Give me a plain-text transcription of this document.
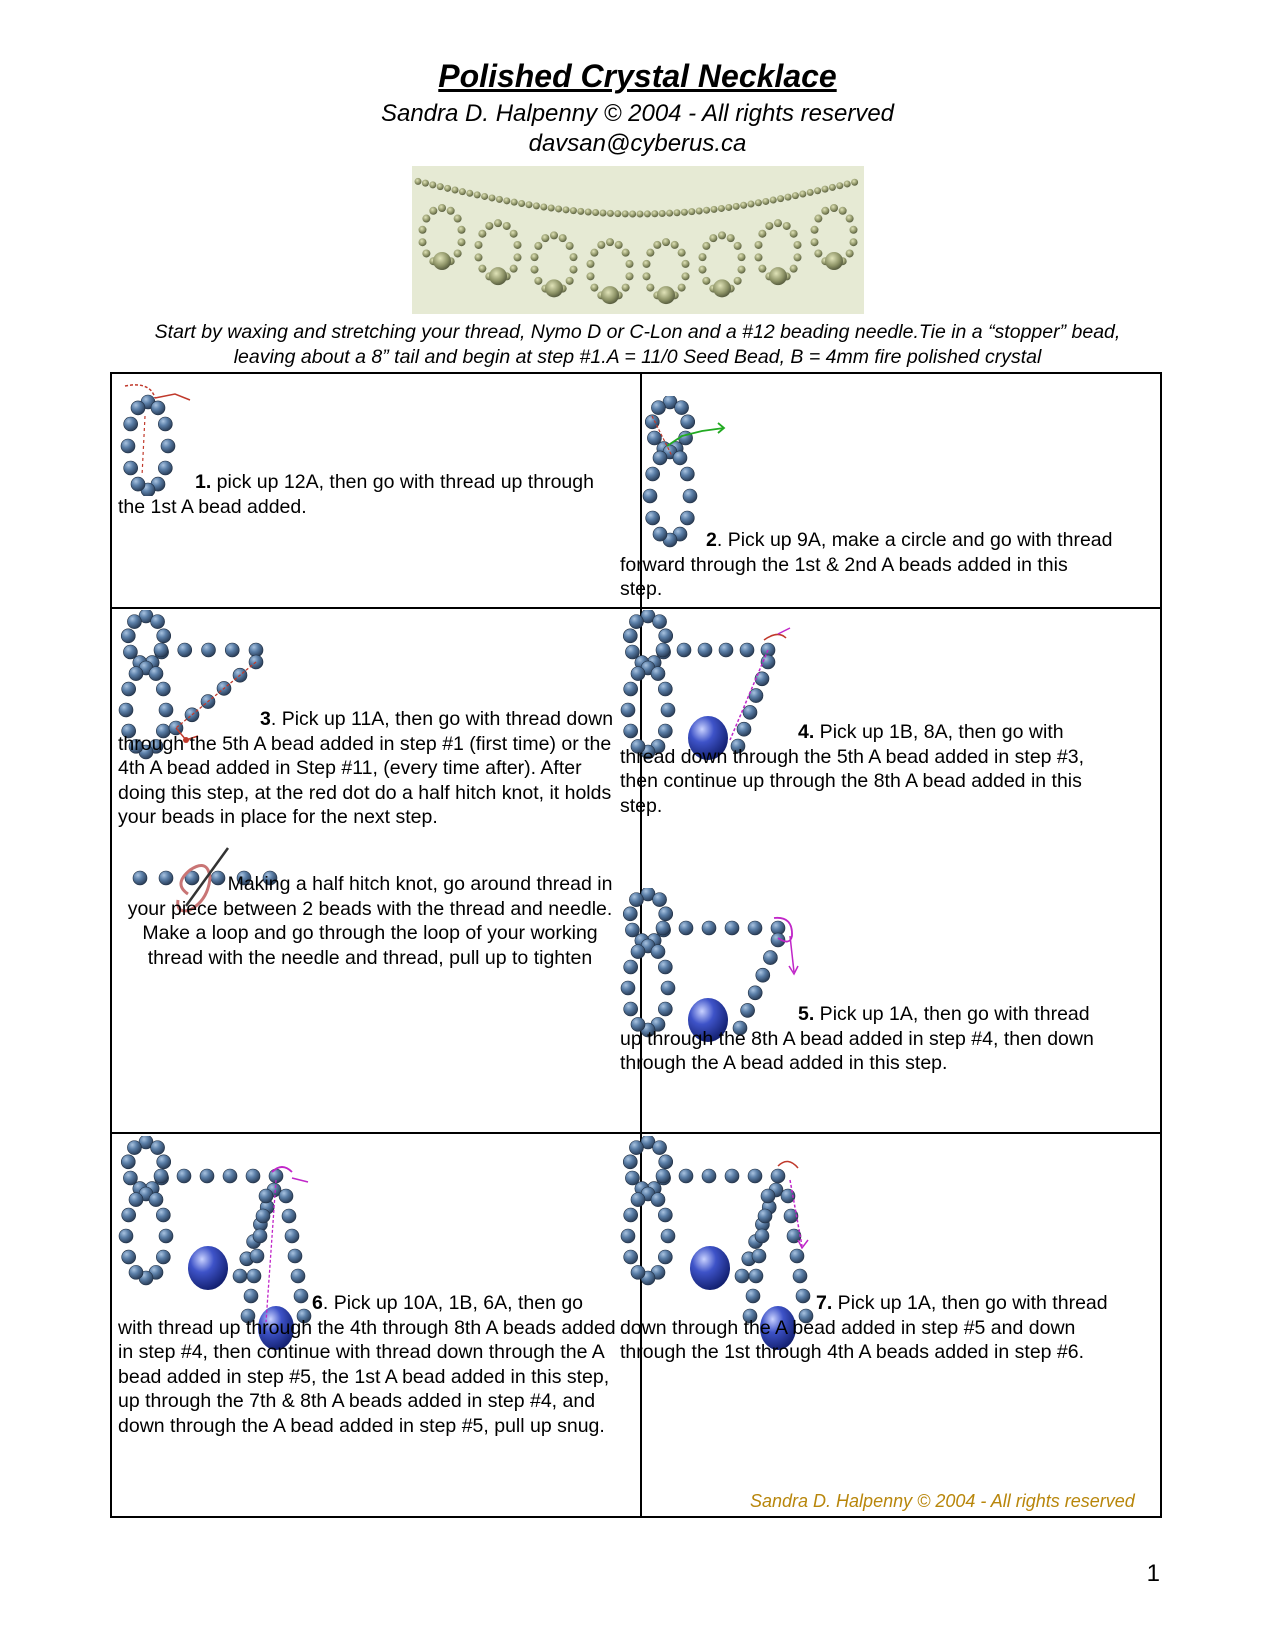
Polished Crystal Necklace
Sandra D. Halpenny © 2004 - All rights reserved
davsan@cyberus.ca
Start by waxing and stretching your thread, Nymo D or C-Lon and a #12 beading needle.Tie in a “stopper” bead,
leaving about a 8” tail and begin at step #1.A = 11/0 Seed Bead, B = 4mm fire polished crystal
1. pick up 12A, then go with thread up through the 1st A bead added.
2. Pick up 9A, make a circle and go with thread forward through the 1st & 2nd A beads added in this step.
3. Pick up 11A, then go with thread down through the 5th A bead added in step #1 (first time) or the 4th A bead added in Step #11, (every time after). After doing this step, at the red dot do a half hitch knot, it holds your beads in place for the next step.
Making a half hitch knot, go around thread in your piece between 2 beads with the thread and needle. Make a loop and go through the loop of your working thread with the needle and thread, pull up to tighten
4. Pick up 1B, 8A, then go with thread down through the 5th A bead added in step #3, then continue up through the 8th A bead added in this step.
5. Pick up 1A, then go with thread up through the 8th A bead added in step #4, then down through the A bead added in this step.
6. Pick up 10A, 1B, 6A, then go with thread up through the 4th through 8th A beads added in step #4, then continue with thread down through the A bead added in step #5, the 1st A bead added in this step, up through the 7th & 8th A beads added in step #4, and down through the A bead added in step #5, pull up snug.
7. Pick up 1A, then go with thread down through the A bead added in step #5 and down through the 1st through 4th A beads added in step #6.
Sandra D. Halpenny © 2004 - All rights reserved
1
